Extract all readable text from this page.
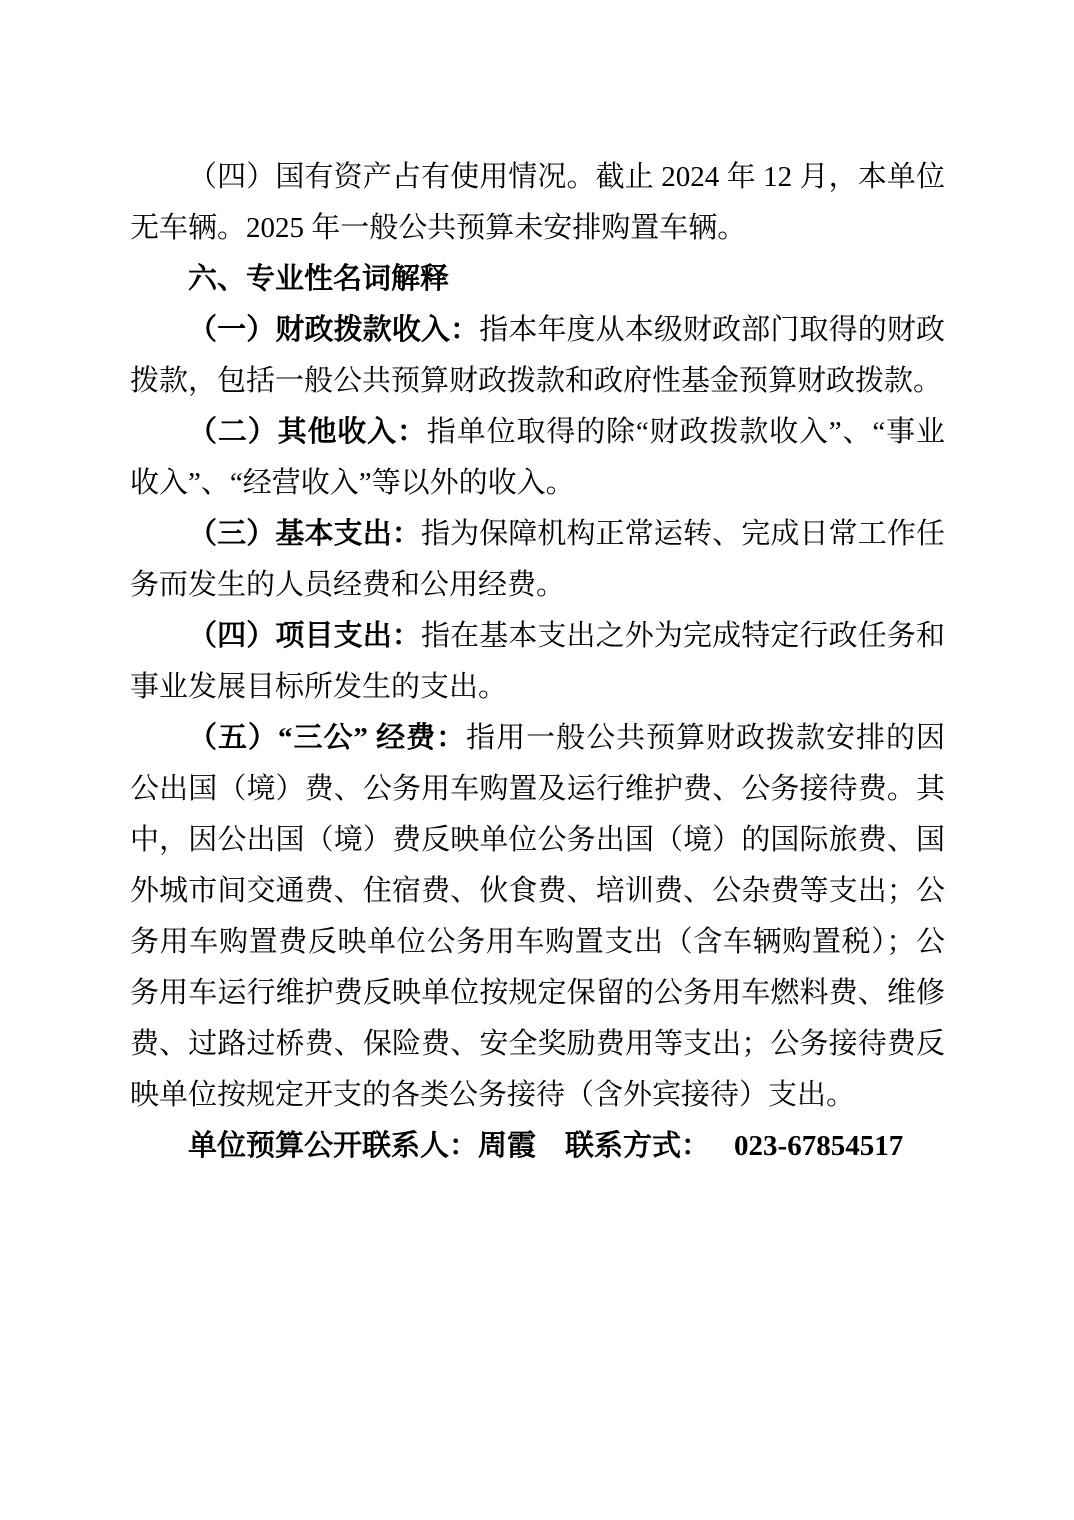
（四）国有资产占有使用情况。截止 2024 年 12 月，本单位无车辆。2025 年一般公共预算未安排购置车辆。

六、专业性名词解释

（一）财政拨款收入：指本年度从本级财政部门取得的财政拨款，包括一般公共预算财政拨款和政府性基金预算财政拨款。

（二）其他收入：指单位取得的除“财政拨款收入”、“事业收入”、“经营收入”等以外的收入。

（三）基本支出：指为保障机构正常运转、完成日常工作任务而发生的人员经费和公用经费。

（四）项目支出：指在基本支出之外为完成特定行政任务和事业发展目标所发生的支出。

（五）“三公” 经费：指用一般公共预算财政拨款安排的因公出国（境）费、公务用车购置及运行维护费、公务接待费。其中，因公出国（境）费反映单位公务出国（境）的国际旅费、国外城市间交通费、住宿费、伙食费、培训费、公杂费等支出；公务用车购置费反映单位公务用车购置支出（含车辆购置税）；公务用车运行维护费反映单位按规定保留的公务用车燃料费、维修费、过路过桥费、保险费、安全奖励费用等支出；公务接待费反映单位按规定开支的各类公务接待（含外宾接待）支出。

单位预算公开联系人：周霞 联系方式： 023-67854517
